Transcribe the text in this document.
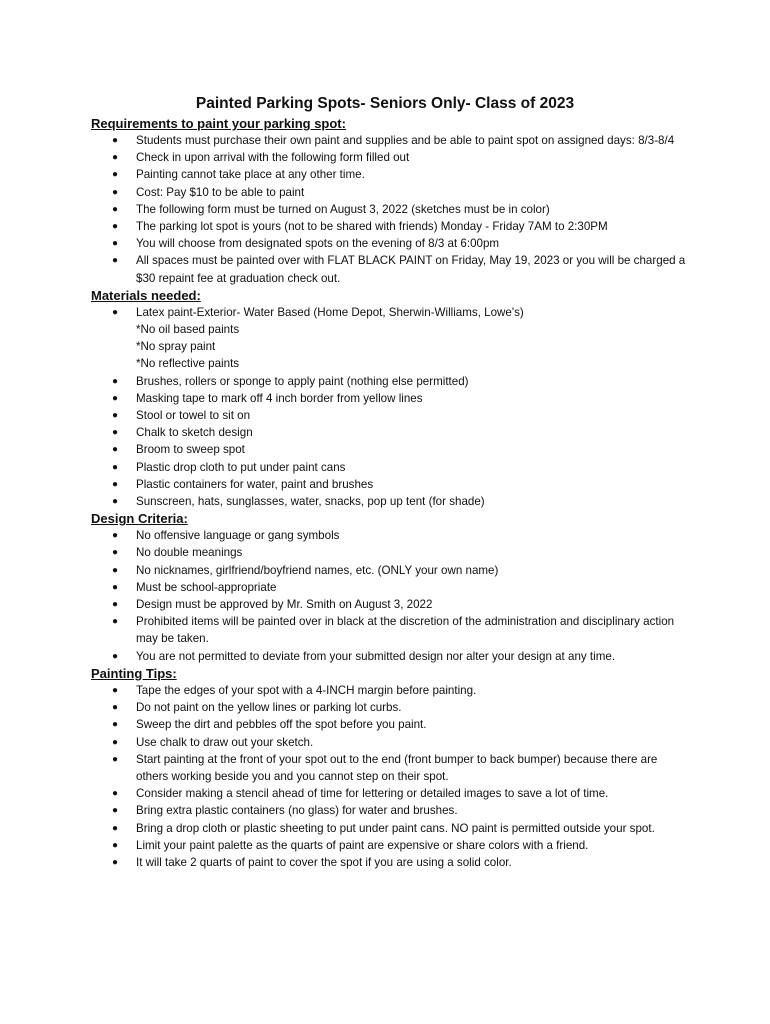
Painted Parking Spots- Seniors Only- Class of 2023
Requirements to paint your parking spot:
● Students must purchase their own paint and supplies and be able to paint spot on assigned days: 8/3-8/4
● Check in upon arrival with the following form filled out
● Painting cannot take place at any other time.
● Cost: Pay $10 to be able to paint
● The following form must be turned on August 3, 2022 (sketches must be in color)
● The parking lot spot is yours (not to be shared with friends) Monday - Friday 7AM to 2:30PM
● You will choose from designated spots on the evening of 8/3 at 6:00pm
● All spaces must be painted over with FLAT BLACK PAINT on Friday, May 19, 2023 or you will be charged a $30 repaint fee at graduation check out.
Materials needed:
● Latex paint-Exterior- Water Based (Home Depot, Sherwin-Williams, Lowe's)
*No oil based paints
*No spray paint
*No reflective paints
● Brushes, rollers or sponge to apply paint (nothing else permitted)
● Masking tape to mark off 4 inch border from yellow lines
● Stool or towel to sit on
● Chalk to sketch design
● Broom to sweep spot
● Plastic drop cloth to put under paint cans
● Plastic containers for water, paint and brushes
● Sunscreen, hats, sunglasses, water, snacks, pop up tent (for shade)
Design Criteria:
● No offensive language or gang symbols
● No double meanings
● No nicknames, girlfriend/boyfriend names, etc. (ONLY your own name)
● Must be school-appropriate
● Design must be approved by Mr. Smith on August 3, 2022
● Prohibited items will be painted over in black at the discretion of the administration and disciplinary action may be taken.
● You are not permitted to deviate from your submitted design nor alter your design at any time.
Painting Tips:
● Tape the edges of your spot with a 4-INCH margin before painting.
● Do not paint on the yellow lines or parking lot curbs.
● Sweep the dirt and pebbles off the spot before you paint.
● Use chalk to draw out your sketch.
● Start painting at the front of your spot out to the end (front bumper to back bumper) because there are others working beside you and you cannot step on their spot.
● Consider making a stencil ahead of time for lettering or detailed images to save a lot of time.
● Bring extra plastic containers (no glass) for water and brushes.
● Bring a drop cloth or plastic sheeting to put under paint cans. NO paint is permitted outside your spot.
● Limit your paint palette as the quarts of paint are expensive or share colors with a friend.
● It will take 2 quarts of paint to cover the spot if you are using a solid color.
